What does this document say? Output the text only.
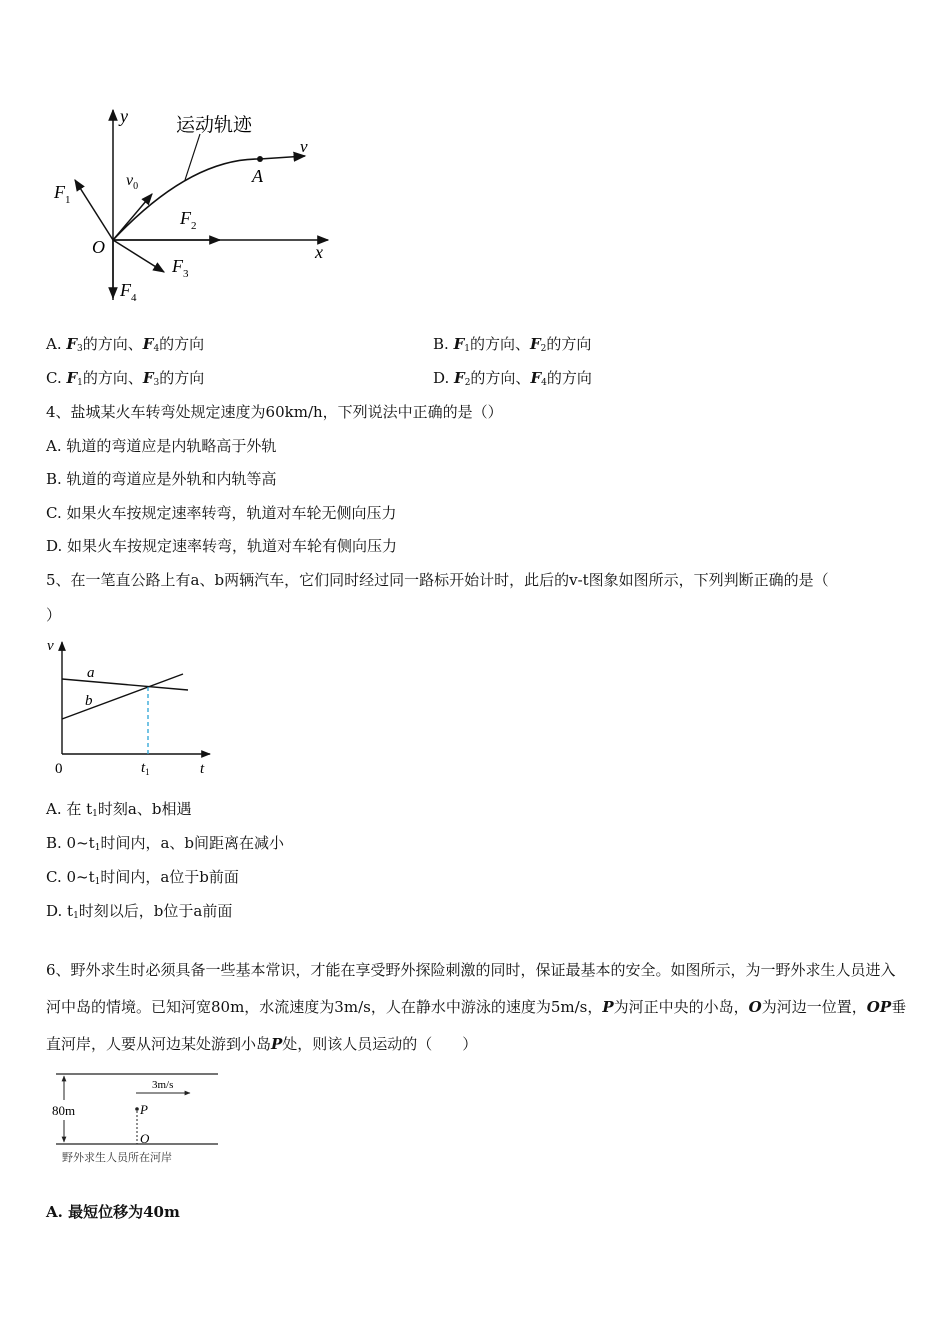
运动轨迹
y
x
O
v
A
$v_0$
$F_1$
$F_2$
$F_3$
$F_4$
A. $F_3$的方向、$F_4$的方向	B. $F_1$的方向、$F_2$的方向
C. $F_1$的方向、$F_3$的方向	D. $F_2$的方向、$F_4$的方向
4、盐城某火车转弯处规定速度为60km/h，下列说法中正确的是（）
A. 轨道的弯道应是内轨略高于外轨
B. 轨道的弯道应是外轨和内轨等高
C. 如果火车按规定速率转弯，轨道对车轮无侧向压力
D. 如果火车按规定速率转弯，轨道对车轮有侧向压力
5、在一笔直公路上有a、b两辆汽车，它们同时经过同一路标开始计时，此后的v-t图象如图所示，下列判断正确的是（
）
v
t
0
a
b
$t_1$
A. 在 $t_1$时刻a、b相遇
B. $0\sim t_1$时间内，a、b间距离在减小
C. $0\sim t_1$时间内，a位于b前面
D. $t_1$时刻以后，b位于a前面
6、野外求生时必须具备一些基本常识，才能在享受野外探险刺激的同时，保证最基本的安全。如图所示，为一野外求生人员进入河中岛的情境。已知河宽80m，水流速度为3m/s，人在静水中游泳的速度为5m/s，P为河正中央的小岛，O为河边一位置，OP垂直河岸，人要从河边某处游到小岛P处，则该人员运动的（　　）
80m
3m/s
P
O
野外求生人员所在河岸
A. 最短位移为40m
